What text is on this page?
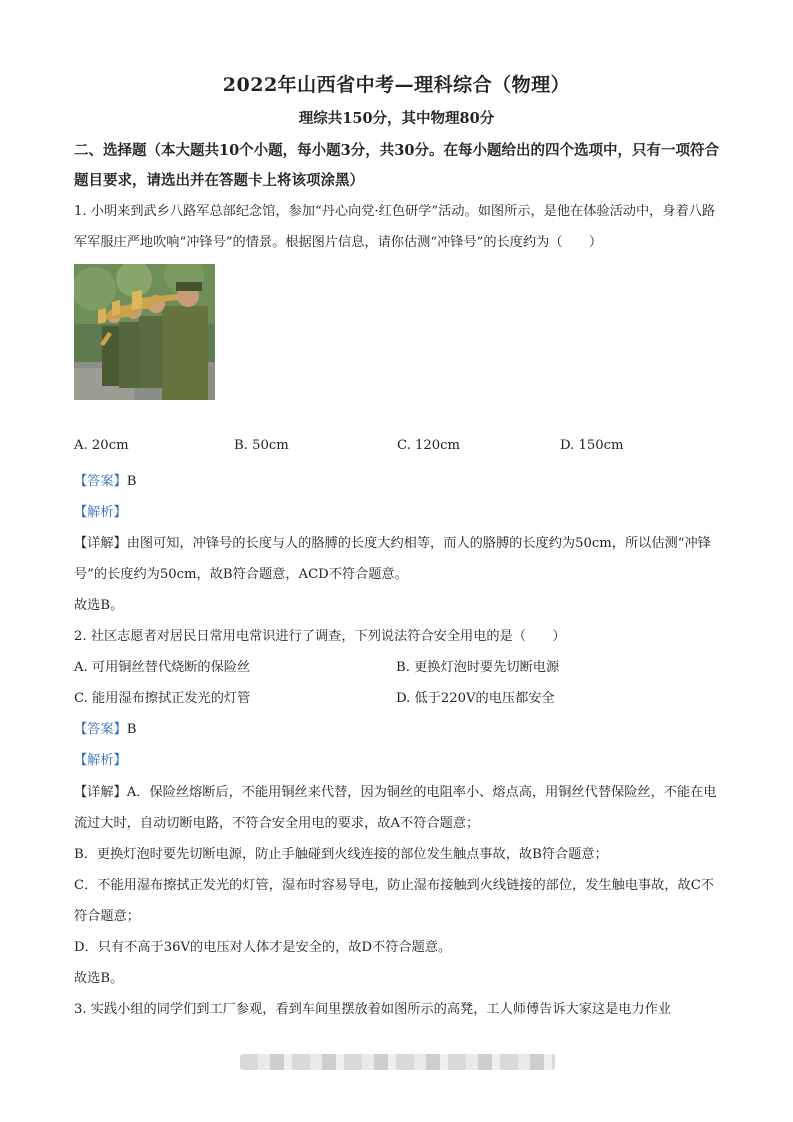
2022年山西省中考—理科综合（物理）
理综共150分，其中物理80分
二、选择题（本大题共10个小题，每小题3分，共30分。在每小题给出的四个选项中，只有一项符合题目要求，请选出并在答题卡上将该项涂黑）
1. 小明来到武乡八路军总部纪念馆，参加“丹心向党·红色研学”活动。如图所示，是他在体验活动中，身着八路军军服庄严地吹响“冲锋号”的情景。根据图片信息，请你估测“冲锋号”的长度约为（　　）
A. 20cm	B. 50cm	C. 120cm	D. 150cm
【答案】B
【解析】
【详解】由图可知，冲锋号的长度与人的胳膊的长度大约相等，而人的胳膊的长度约为50cm，所以估测“冲锋号”的长度约为50cm，故B符合题意，ACD不符合题意。
故选B。
2. 社区志愿者对居民日常用电常识进行了调查，下列说法符合安全用电的是（　　）
A. 可用铜丝替代烧断的保险丝	B. 更换灯泡时要先切断电源
C. 能用湿布擦拭正发光的灯管	D. 低于220V的电压都安全
【答案】B
【解析】
【详解】A．保险丝熔断后，不能用铜丝来代替，因为铜丝的电阻率小、熔点高，用铜丝代替保险丝，不能在电流过大时，自动切断电路，不符合安全用电的要求，故A不符合题意；
B．更换灯泡时要先切断电源，防止手触碰到火线连接的部位发生触点事故，故B符合题意；
C．不能用湿布擦拭正发光的灯管，湿布时容易导电，防止湿布接触到火线链接的部位，发生触电事故，故C不符合题意；
D．只有不高于36V的电压对人体才是安全的，故D不符合题意。
故选B。
3. 实践小组的同学们到工厂参观，看到车间里摆放着如图所示的高凳，工人师傅告诉大家这是电力作业
